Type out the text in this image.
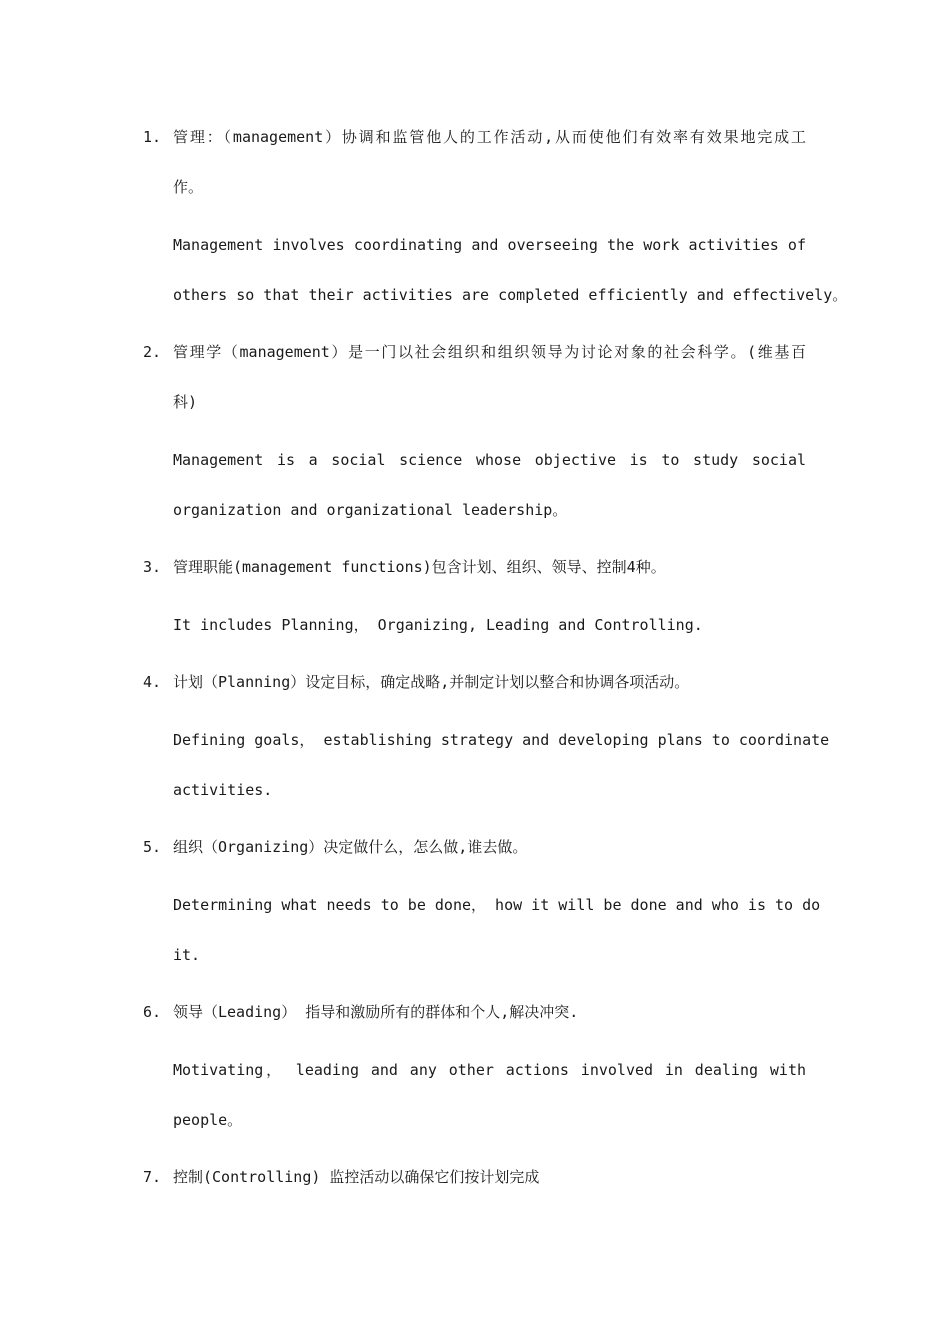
1. 管理：（management）协调和监管他人的工作活动,从而使他们有效率有效果地完成工
作。
Management involves coordinating and overseeing the work activities of
others so that their activities are completed efficiently and effectively。
2. 管理学（management）是一门以社会组织和组织领导为讨论对象的社会科学。(维基百
科)
Management is a social science whose objective is to study social
organization and organizational leadership。
3. 管理职能(management functions)包含计划、组织、领导、控制4种。
It includes Planning， Organizing, Leading and Controlling.
4. 计划（Planning）设定目标，确定战略,并制定计划以整合和协调各项活动。
Defining goals， establishing strategy and developing plans to coordinate
activities.
5. 组织（Organizing）决定做什么，怎么做,谁去做。
Determining what needs to be done， how it will be done and who is to do
it.
6. 领导（Leading） 指导和激励所有的群体和个人,解决冲突.
Motivating， leading and any other actions involved in dealing with
people。
7. 控制(Controlling) 监控活动以确保它们按计划完成
